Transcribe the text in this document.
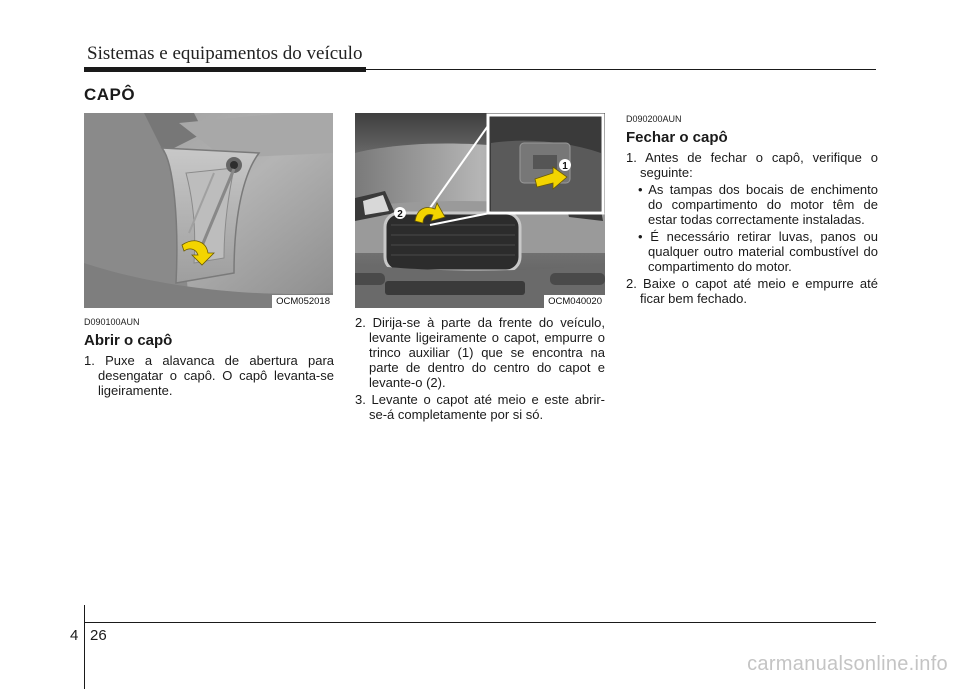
Sistemas e equipamentos do veículo
CAPÔ
OCM052018
1
2
OCM040020
D090100AUN
Abrir o capô
1. Puxe a alavanca de abertura para desengatar o capô. O capô levanta-se ligeiramente.
2. Dirija-se à parte da frente do veículo, levante ligeiramente o capot, empurre o trinco auxiliar (1) que se encontra na parte de dentro do centro do capot e levante-o (2).
3. Levante o capot até meio e este abrir-se-á completamente por si só.
D090200AUN
Fechar o capô
1. Antes de fechar o capô, verifique o seguinte:
• As tampas dos bocais de enchimento do compartimento do motor têm de estar todas correctamente instaladas.
• É necessário retirar luvas, panos ou qualquer outro material combustível do compartimento do motor.
2. Baixe o capot até meio e empurre até ficar bem fechado.
4 26
carmanualsonline.info
